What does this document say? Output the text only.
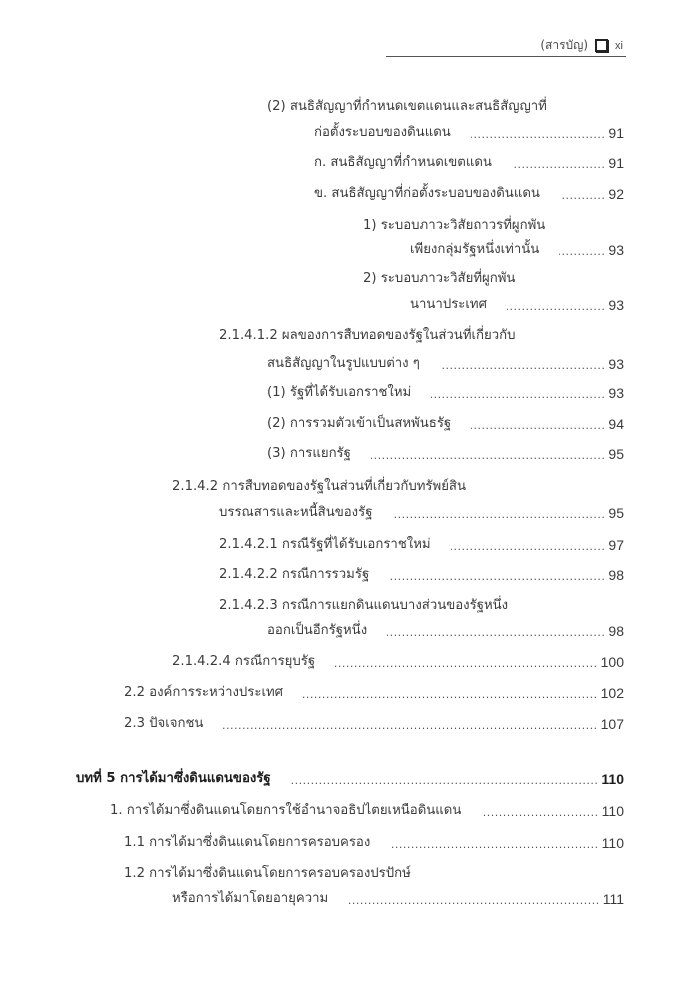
(สารบัญ) xi
(2) สนธิสัญญาที่กำหนดเขตแดนและสนธิสัญญาที่
ก่อตั้งระบอบของดินแดน .....	91
ก. สนธิสัญญาที่กำหนดเขตแดน .....	91
ข. สนธิสัญญาที่ก่อตั้งระบอบของดินแดน .....	92
1) ระบอบภาวะวิสัยถาวรที่ผูกพัน
เพียงกลุ่มรัฐหนึ่งเท่านั้น .....	93
2) ระบอบภาวะวิสัยที่ผูกพัน
นานาประเทศ .....	93
2.1.4.1.2 ผลของการสืบทอดของรัฐในส่วนที่เกี่ยวกับ
สนธิสัญญาในรูปแบบต่าง ๆ .....	93
(1) รัฐที่ได้รับเอกราชใหม่ .....	93
(2) การรวมตัวเข้าเป็นสหพันธรัฐ .....	94
(3) การแยกรัฐ .....	95
2.1.4.2 การสืบทอดของรัฐในส่วนที่เกี่ยวกับทรัพย์สิน
บรรณสารและหนี้สินของรัฐ .....	95
2.1.4.2.1 กรณีรัฐที่ได้รับเอกราชใหม่ .....	97
2.1.4.2.2 กรณีการรวมรัฐ .....	98
2.1.4.2.3 กรณีการแยกดินแดนบางส่วนของรัฐหนึ่ง
ออกเป็นอีกรัฐหนึ่ง .....	98
2.1.4.2.4 กรณีการยุบรัฐ .....	100
2.2 องค์การระหว่างประเทศ .....	102
2.3 ปัจเจกชน .....	107
บทที่ 5 การได้มาซึ่งดินแดนของรัฐ .....	110
1. การได้มาซึ่งดินแดนโดยการใช้อำนาจอธิปไตยเหนือดินแดน .....	110
1.1 การได้มาซึ่งดินแดนโดยการครอบครอง .....	110
1.2 การได้มาซึ่งดินแดนโดยการครอบครองปรปักษ์
หรือการได้มาโดยอายุความ .....	111
